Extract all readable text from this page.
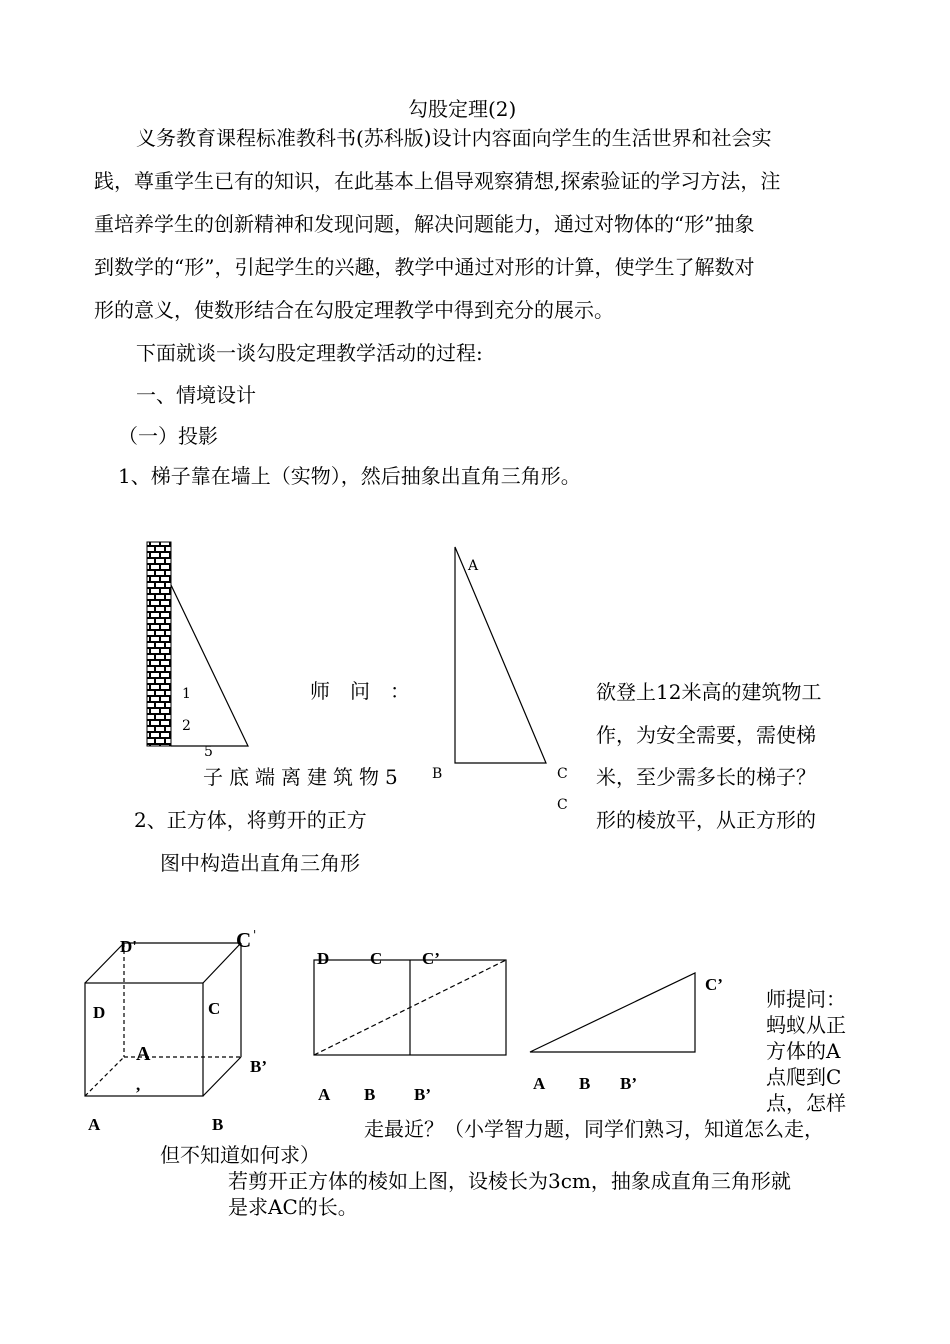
勾股定理(2)
义务教育课程标准教科书(苏科版)设计内容面向学生的生活世界和社会实
践，尊重学生已有的知识，在此基本上倡导观察猜想,探索验证的学习方法，注
重培养学生的创新精神和发现问题，解决问题能力，通过对物体的“形”抽象
到数学的“形”，引起学生的兴趣，教学中通过对形的计算，使学生了解数对
形的意义，使数形结合在勾股定理教学中得到充分的展示。
下面就谈一谈勾股定理教学活动的过程:
一、情境设计
（一）投影
1、梯子靠在墙上（实物），然后抽象出直角三角形。
1
2
5
师　问　：
A
B	C
C
欲登上12米高的建筑物工
作，为安全需要，需使梯
米，至少需多长的梯子？
子底端离建筑物5
2、正方体，将剪开的正方	形的棱放平，从正方形的
图中构造出直角三角形
D'	C '
D	C
A
,
B’
A	B
D C C’
A B B’
C’
A B B’
师提问：
蚂蚁从正
方体的A
点爬到C
点，怎样
走最近？（小学智力题，同学们熟习，知道怎么走，
但不知道如何求）
若剪开正方体的棱如上图，设棱长为3cm，抽象成直角三角形就
是求AC的长。
